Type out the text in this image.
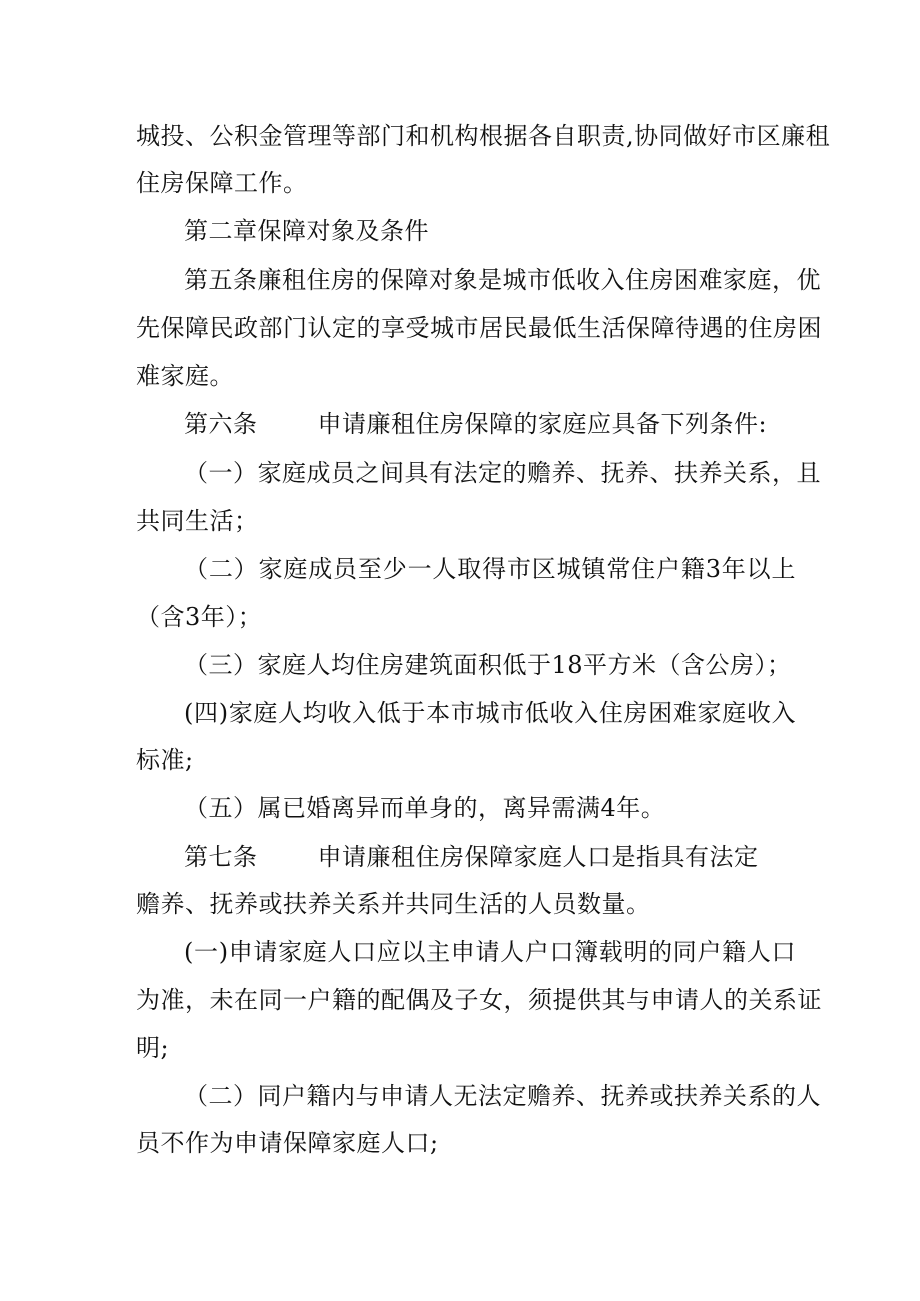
城投、公积金管理等部门和机构根据各自职责,协同做好市区廉租
住房保障工作。
第二章保障对象及条件
第五条廉租住房的保障对象是城市低收入住房困难家庭，优
先保障民政部门认定的享受城市居民最低生活保障待遇的住房困
难家庭。
第六条	申请廉租住房保障的家庭应具备下列条件:
（一）家庭成员之间具有法定的赡养、抚养、扶养关系，且
共同生活；
（二）家庭成员至少一人取得市区城镇常住户籍3年以上
（含3年）；
（三）家庭人均住房建筑面积低于18平方米（含公房）；
(四)家庭人均收入低于本市城市低收入住房困难家庭收入
标准;
（五）属已婚离异而单身的，离异需满4年。
第七条	申请廉租住房保障家庭人口是指具有法定
赡养、抚养或扶养关系并共同生活的人员数量。
(一)申请家庭人口应以主申请人户口簿载明的同户籍人口
为准，未在同一户籍的配偶及子女，须提供其与申请人的关系证
明;
（二）同户籍内与申请人无法定赡养、抚养或扶养关系的人
员不作为申请保障家庭人口;
